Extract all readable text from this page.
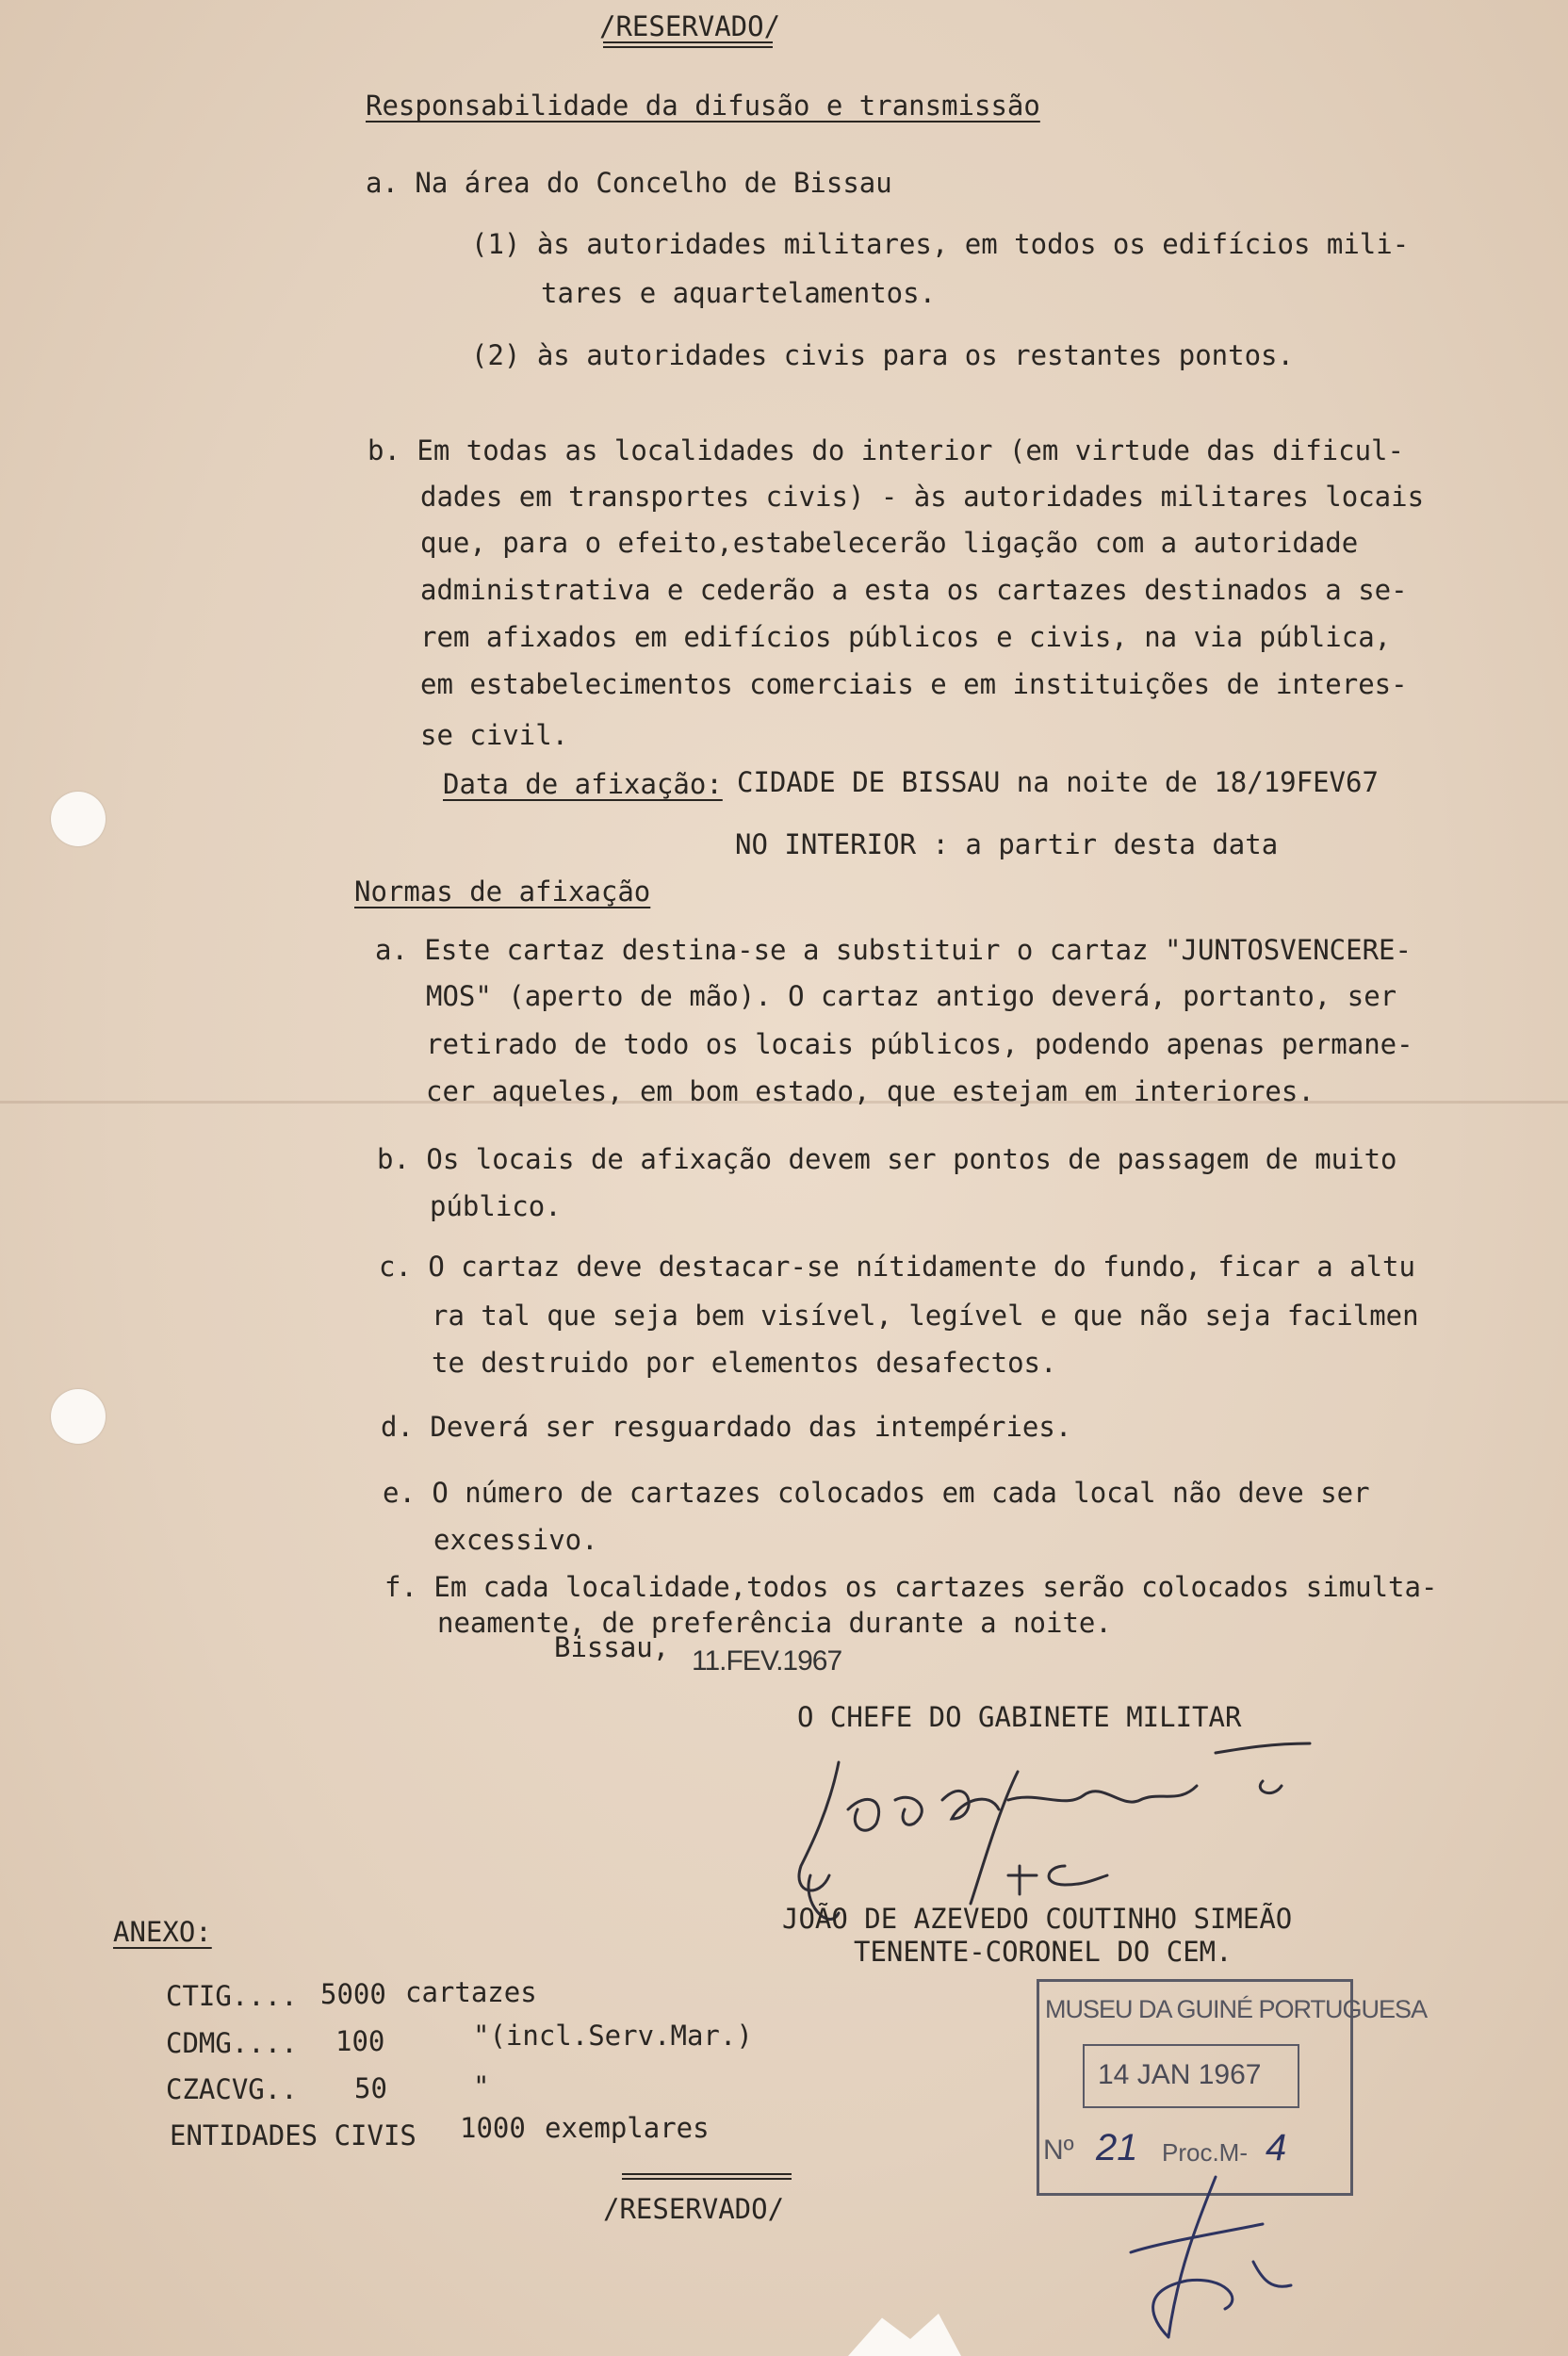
/RESERVADO/
Responsabilidade da difusão e transmissão
a. Na área do Concelho de Bissau
(1) às autoridades militares, em todos os edifícios mili-
tares e aquartelamentos.
(2) às autoridades civis para os restantes pontos.
b. Em todas as localidades do interior (em virtude das dificul-
dades em transportes civis) - às autoridades militares locais
que, para o efeito,estabelecerão ligação com a autoridade
administrativa e cederão a esta os cartazes destinados a se-
rem afixados em edifícios públicos e civis, na via pública,
em estabelecimentos comerciais e em instituições de interes-
se civil.
Data de afixação: CIDADE DE BISSAU na noite de 18/19FEV67
NO INTERIOR : a partir desta data
Normas de afixação
a. Este cartaz destina-se a substituir o cartaz "JUNTOSVENCERE-
MOS" (aperto de mão). O cartaz antigo deverá, portanto, ser
retirado de todo os locais públicos, podendo apenas permane-
cer aqueles, em bom estado, que estejam em interiores.
b. Os locais de afixação devem ser pontos de passagem de muito
público.
c. O cartaz deve destacar-se nítidamente do fundo, ficar a altu
ra tal que seja bem visível, legível e que não seja facilmen
te destruido por elementos desafectos.
d. Deverá ser resguardado das intempéries.
e. O número de cartazes colocados em cada local não deve ser
excessivo.
f. Em cada localidade,todos os cartazes serão colocados simulta-
neamente, de preferência durante a noite.
Bissau, 11.FEV.1967
O CHEFE DO GABINETE MILITAR
JOÃO DE AZEVEDO COUTINHO SIMEÃO
TENENTE-CORONEL DO CEM.
ANEXO:
CTIG.... 5000 cartazes
CDMG.... 100	"(incl.Serv.Mar.)
CZACVG.. 50	"
ENTIDADES CIVIS 1000 exemplares
/RESERVADO/
MUSEU DA GUINÉ PORTUGUESA
14 JAN 1967
Nº 21 Proc.M- 4
